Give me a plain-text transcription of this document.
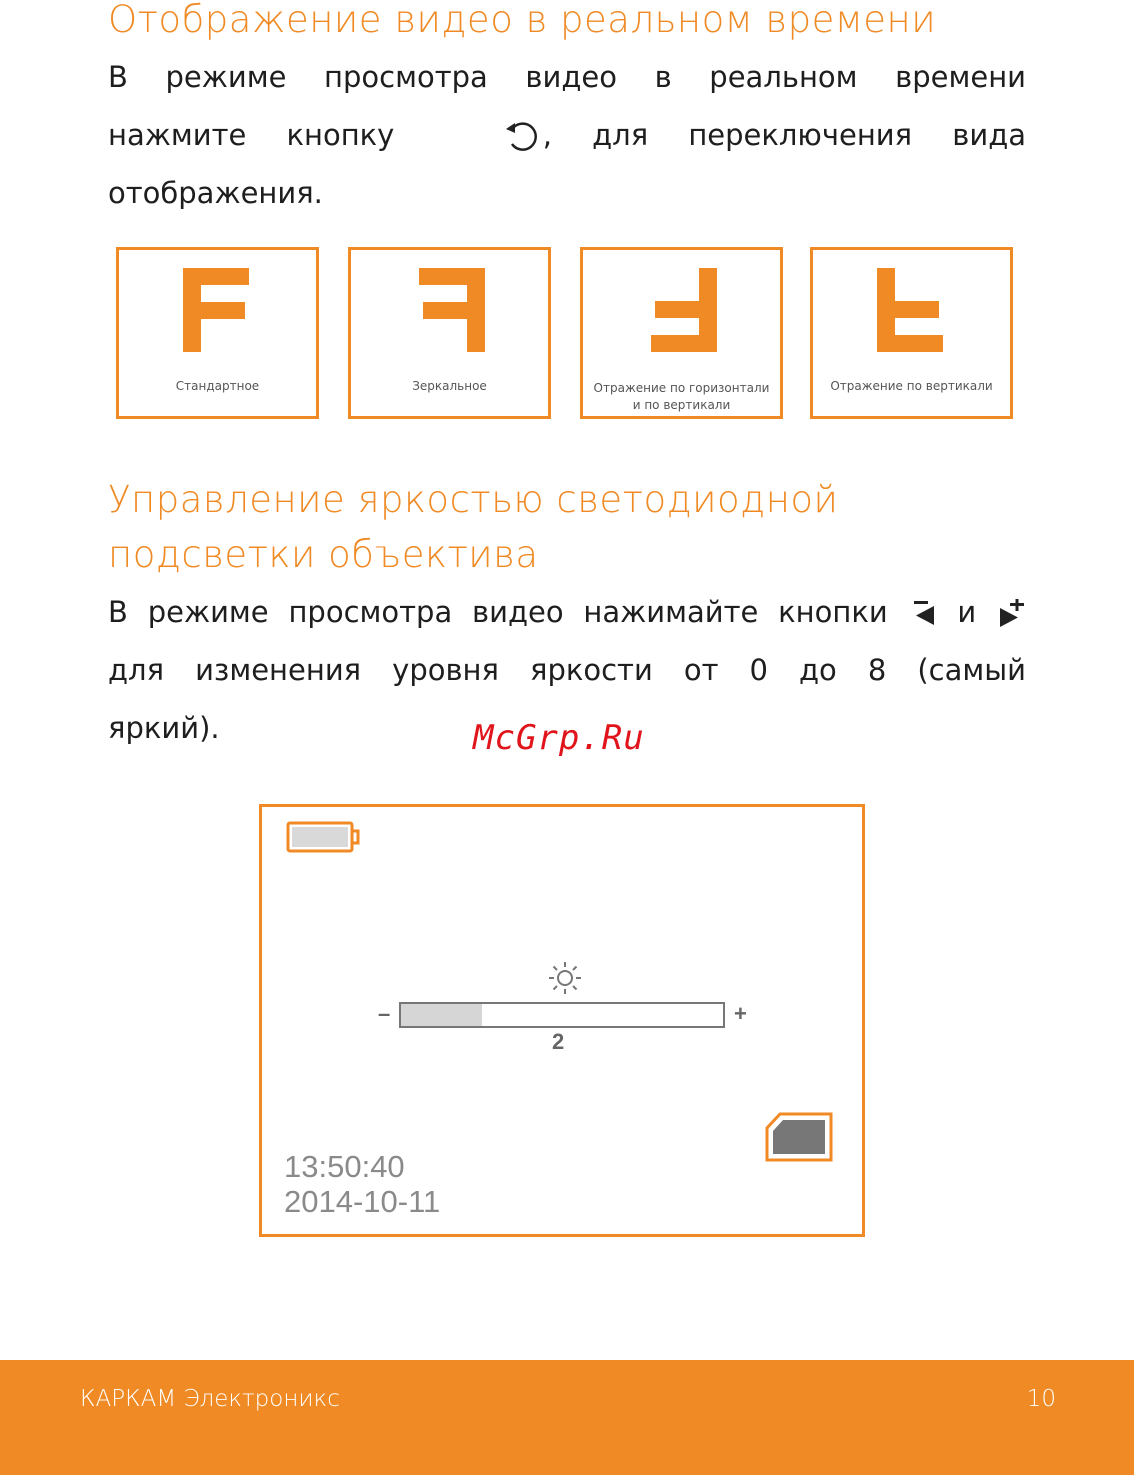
Отображение видео в реальном времени
В режиме просмотра видео в реальном времени
нажмите кнопку	, для переключения вида
отображения.
Стандартное	Зеркальное	Отражение по горизонтали
и по вертикали
Отражение по вертикали
Управление яркостью светодиодной
подсветки объектива
В режиме просмотра видео нажимайте кнопки и
для изменения уровня яркости от 0 до 8 (самый
яркий).	McGrp.Ru
–	+
2
13:50:40
2014-10-11
КАРКАМ Электроникс	10
